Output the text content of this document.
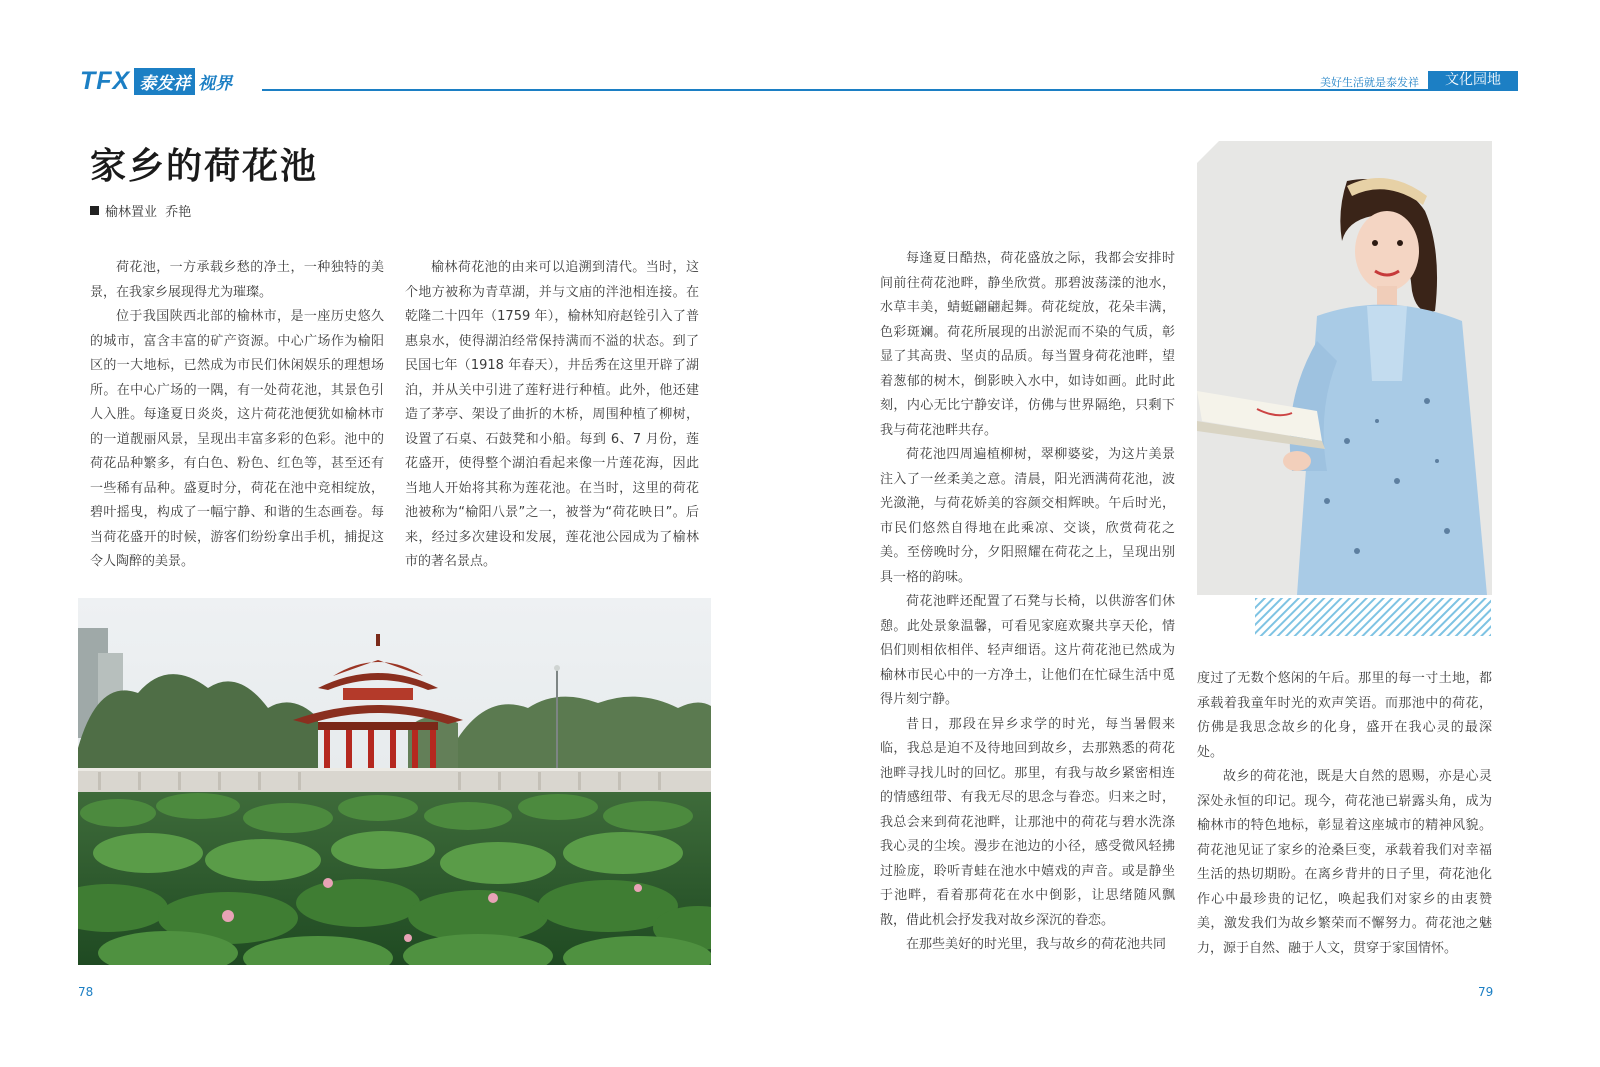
TFX 泰发祥 视界	美好生活就是泰发祥	文化园地
家乡的荷花池
榆林置业  乔艳

荷花池，一方承载乡愁的净土，一种独特的美景，在我家乡展现得尤为璀璨。

位于我国陕西北部的榆林市，是一座历史悠久的城市，富含丰富的矿产资源。中心广场作为榆阳区的一大地标，已然成为市民们休闲娱乐的理想场所。在中心广场的一隅，有一处荷花池，其景色引人入胜。每逢夏日炎炎，这片荷花池便犹如榆林市的一道靓丽风景，呈现出丰富多彩的色彩。池中的荷花品种繁多，有白色、粉色、红色等，甚至还有一些稀有品种。盛夏时分，荷花在池中竞相绽放，碧叶摇曳，构成了一幅宁静、和谐的生态画卷。每当荷花盛开的时候，游客们纷纷拿出手机，捕捉这令人陶醉的美景。

榆林荷花池的由来可以追溯到清代。当时，这个地方被称为青草湖，并与文庙的泮池相连接。在乾隆二十四年（1759 年），榆林知府赵铨引入了普惠泉水，使得湖泊经常保持满而不溢的状态。到了民国七年（1918 年春天），井岳秀在这里开辟了湖泊，并从关中引进了莲籽进行种植。此外，他还建造了茅亭、架设了曲折的木桥，周围种植了柳树，设置了石桌、石鼓凳和小船。每到 6、7 月份，莲花盛开，使得整个湖泊看起来像一片莲花海，因此当地人开始将其称为莲花池。在当时，这里的荷花池被称为“榆阳八景”之一，被誉为“荷花映日”。后来，经过多次建设和发展，莲花池公园成为了榆林市的著名景点。

每逢夏日酷热，荷花盛放之际，我都会安排时间前往荷花池畔，静坐欣赏。那碧波荡漾的池水，水草丰美，蜻蜓翩翩起舞。荷花绽放，花朵丰满，色彩斑斓。荷花所展现的出淤泥而不染的气质，彰显了其高贵、坚贞的品质。每当置身荷花池畔，望着葱郁的树木，倒影映入水中，如诗如画。此时此刻，内心无比宁静安详，仿佛与世界隔绝，只剩下我与荷花池畔共存。

荷花池四周遍植柳树，翠柳婆娑，为这片美景注入了一丝柔美之意。清晨，阳光洒满荷花池，波光潋滟，与荷花娇美的容颜交相辉映。午后时光，市民们悠然自得地在此乘凉、交谈，欣赏荷花之美。至傍晚时分，夕阳照耀在荷花之上，呈现出别具一格的韵味。

荷花池畔还配置了石凳与长椅，以供游客们休憩。此处景象温馨，可看见家庭欢聚共享天伦，情侣们则相依相伴、轻声细语。这片荷花池已然成为榆林市民心中的一方净土，让他们在忙碌生活中觅得片刻宁静。

昔日，那段在异乡求学的时光，每当暑假来临，我总是迫不及待地回到故乡，去那熟悉的荷花池畔寻找儿时的回忆。那里，有我与故乡紧密相连的情感纽带、有我无尽的思念与眷恋。归来之时，我总会来到荷花池畔，让那池中的荷花与碧水洗涤我心灵的尘埃。漫步在池边的小径，感受微风轻拂过脸庞，聆听青蛙在池水中嬉戏的声音。或是静坐于池畔，看着那荷花在水中倒影，让思绪随风飘散，借此机会抒发我对故乡深沉的眷恋。

在那些美好的时光里，我与故乡的荷花池共同

度过了无数个悠闲的午后。那里的每一寸土地，都承载着我童年时光的欢声笑语。而那池中的荷花，仿佛是我思念故乡的化身，盛开在我心灵的最深处。

故乡的荷花池，既是大自然的恩赐，亦是心灵深处永恒的印记。现今，荷花池已崭露头角，成为榆林市的特色地标，彰显着这座城市的精神风貌。荷花池见证了家乡的沧桑巨变，承载着我们对幸福生活的热切期盼。在离乡背井的日子里，荷花池化作心中最珍贵的记忆，唤起我们对家乡的由衷赞美，激发我们为故乡繁荣而不懈努力。荷花池之魅力，源于自然、融于人文，贯穿于家国情怀。

78	79
